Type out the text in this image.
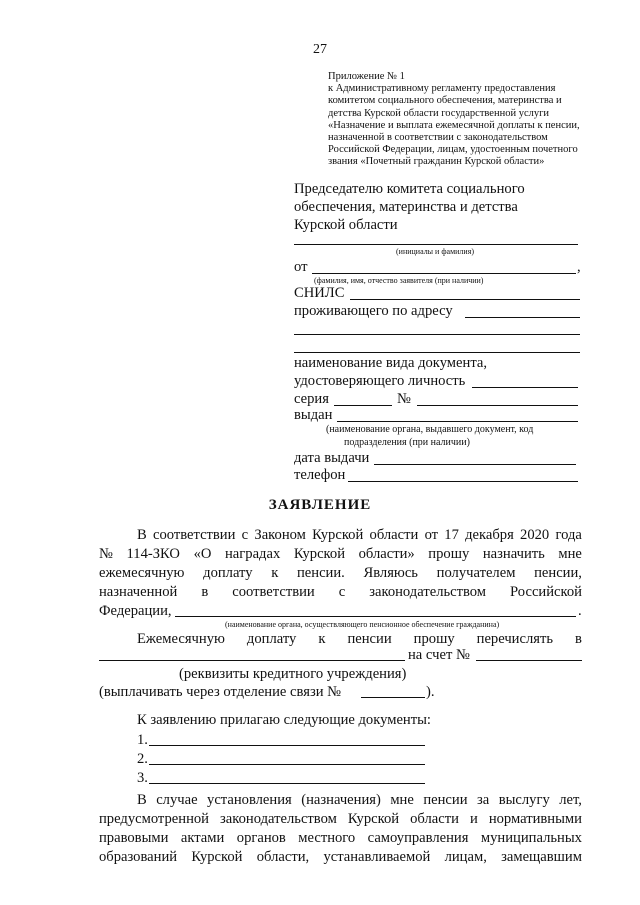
27
Приложение № 1
к Административному регламенту предоставления
комитетом социального обеспечения, материнства и
детства Курской области государственной услуги
«Назначение и выплата ежемесячной доплаты к пенсии,
назначенной в соответствии с законодательством
Российской Федерации, лицам, удостоенным почетного
звания «Почетный гражданин Курской области»
Председателю комитета социального
обеспечения, материнства и детства
Курской области
(инициалы и фамилия)
от	,
(фамилия, имя, отчество заявителя (при наличии)
СНИЛС
проживающего по адресу
наименование вида документа,
удостоверяющего личность
серия	№
выдан
(наименование органа, выдавшего документ, код
подразделения (при наличии)
дата выдачи
телефон
ЗАЯВЛЕНИЕ
В соответствии с Законом Курской области от 17 декабря 2020 года
№ 114-ЗКО «О наградах Курской области» прошу назначить мне
ежемесячную доплату к пенсии. Являюсь получателем пенсии,
назначенной в соответствии с законодательством Российской
Федерации,	.
(наименование органа, осуществляющего пенсионное обеспечение гражданина)
Ежемесячную доплату к пенсии прошу перечислять в
на счет №
(реквизиты кредитного учреждения)
(выплачивать через отделение связи №	).
К заявлению прилагаю следующие документы:
1.
2.
3.
В случае установления (назначения) мне пенсии за выслугу лет,
предусмотренной законодательством Курской области и нормативными
правовыми актами органов местного самоуправления муниципальных
образований Курской области, устанавливаемой лицам, замещавшим
